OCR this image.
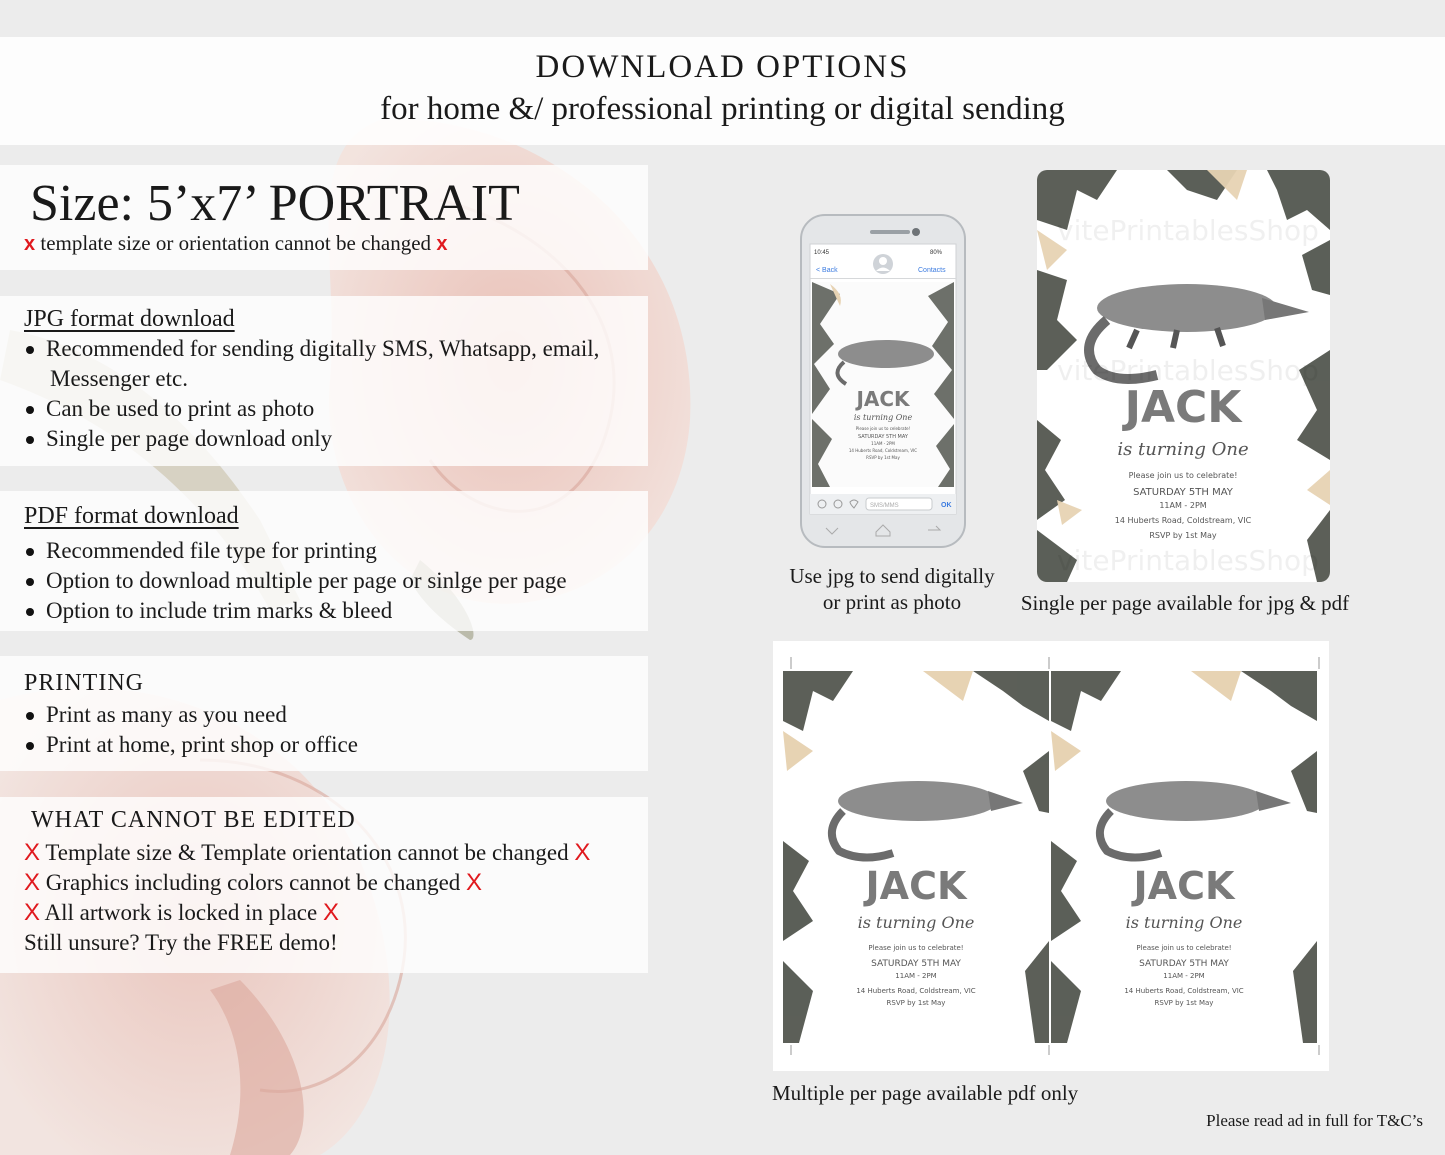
DOWNLOAD OPTIONS
for home &/ professional printing or digital sending
Size: 5’x7’ PORTRAIT
x template size or orientation cannot be changed x
JPG format download
Recommended for sending digitally SMS, Whatsapp, email,
Messenger etc.
Can be used to print as photo
Single per page download only
PDF format download
Recommended file type for printing
Option to download multiple per page or sinlge per page
Option to include trim marks & bleed
PRINTING
Print as many as you need
Print at home, print shop or office
WHAT CANNOT BE EDITED
X Template size & Template orientation cannot be changed X
X Graphics including colors cannot be changed X
X All artwork is locked in place X
Still unsure? Try the FREE demo!
10:45	80%
< Back	Contacts
JACK
is turning One
Please join us to celebrate!
SATURDAY 5TH MAY
11AM - 2PM
14 Huberts Road, Coldstream, VIC
RSVP by 1st May
SMS/MMS	OK
Use jpg to send digitally
or print as photo
JACK
is turning One
Please join us to celebrate!
SATURDAY 5TH MAY
11AM - 2PM
14 Huberts Road, Coldstream, VIC
RSVP by 1st May
vitePrintablesShop
vitePrintablesShop
vitePrintablesShop
Single per page available for jpg & pdf
JACK
is turning One
Please join us to celebrate!
SATURDAY 5TH MAY
11AM - 2PM
14 Huberts Road, Coldstream, VIC
RSVP by 1st May
JACK
is turning One
Please join us to celebrate!
SATURDAY 5TH MAY
11AM - 2PM
14 Huberts Road, Coldstream, VIC
RSVP by 1st May
Multiple per page available pdf only
Please read ad in full for T&C’s
